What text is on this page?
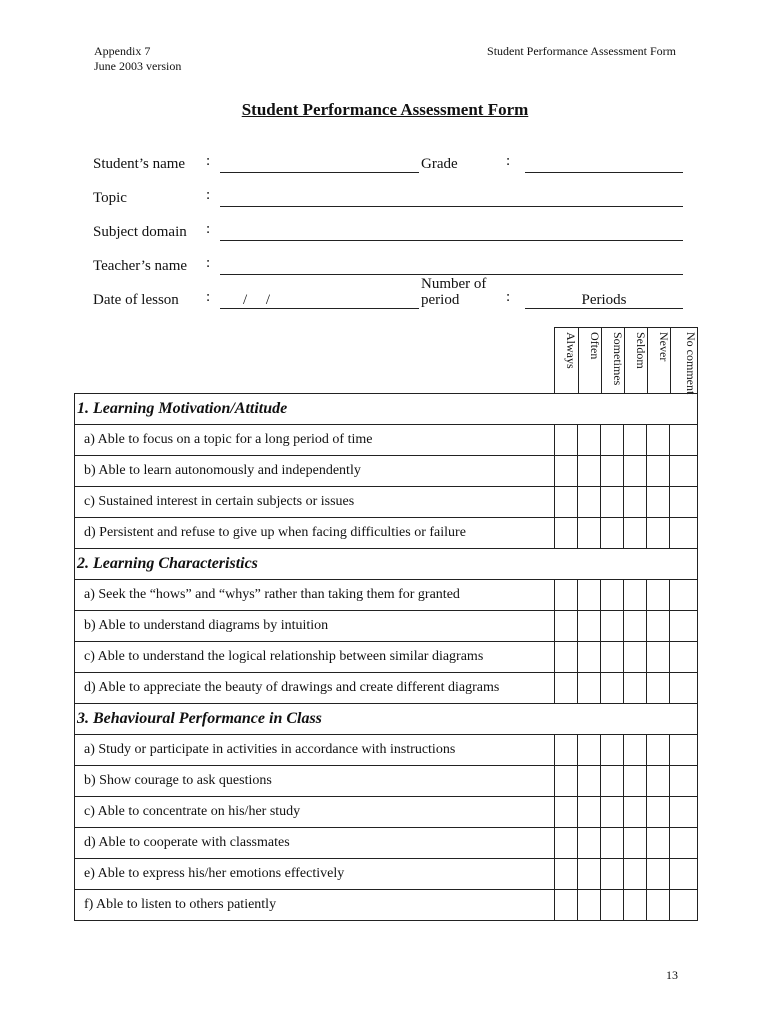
Appendix 7
June 2003 version
Student Performance Assessment Form
Student Performance Assessment Form
Student’s name :	Grade	:
Topic	:
Subject domain :
Teacher’s name :
Date of lesson : /     /
Number of
period	:	Periods
Always Often Sometimes Seldom Never	No comment
1. Learning Motivation/Attitude						
a) Able to focus on a topic for a long period of time						
b) Able to learn autonomously and independently						
c) Sustained interest in certain subjects or issues						
d) Persistent and refuse to give up when facing difficulties or failure						
2. Learning Characteristics						
a) Seek the “hows” and “whys” rather than taking them for granted						
b) Able to understand diagrams by intuition						
c) Able to understand the logical relationship between similar diagrams						
d) Able to appreciate the beauty of drawings and create different diagrams						
3. Behavioural Performance in Class						
a) Study or participate in activities in accordance with instructions						
b) Show courage to ask questions						
c) Able to concentrate on his/her study						
d) Able to cooperate with classmates						
e) Able to express his/her emotions effectively						
f) Able to listen to others patiently						
13
